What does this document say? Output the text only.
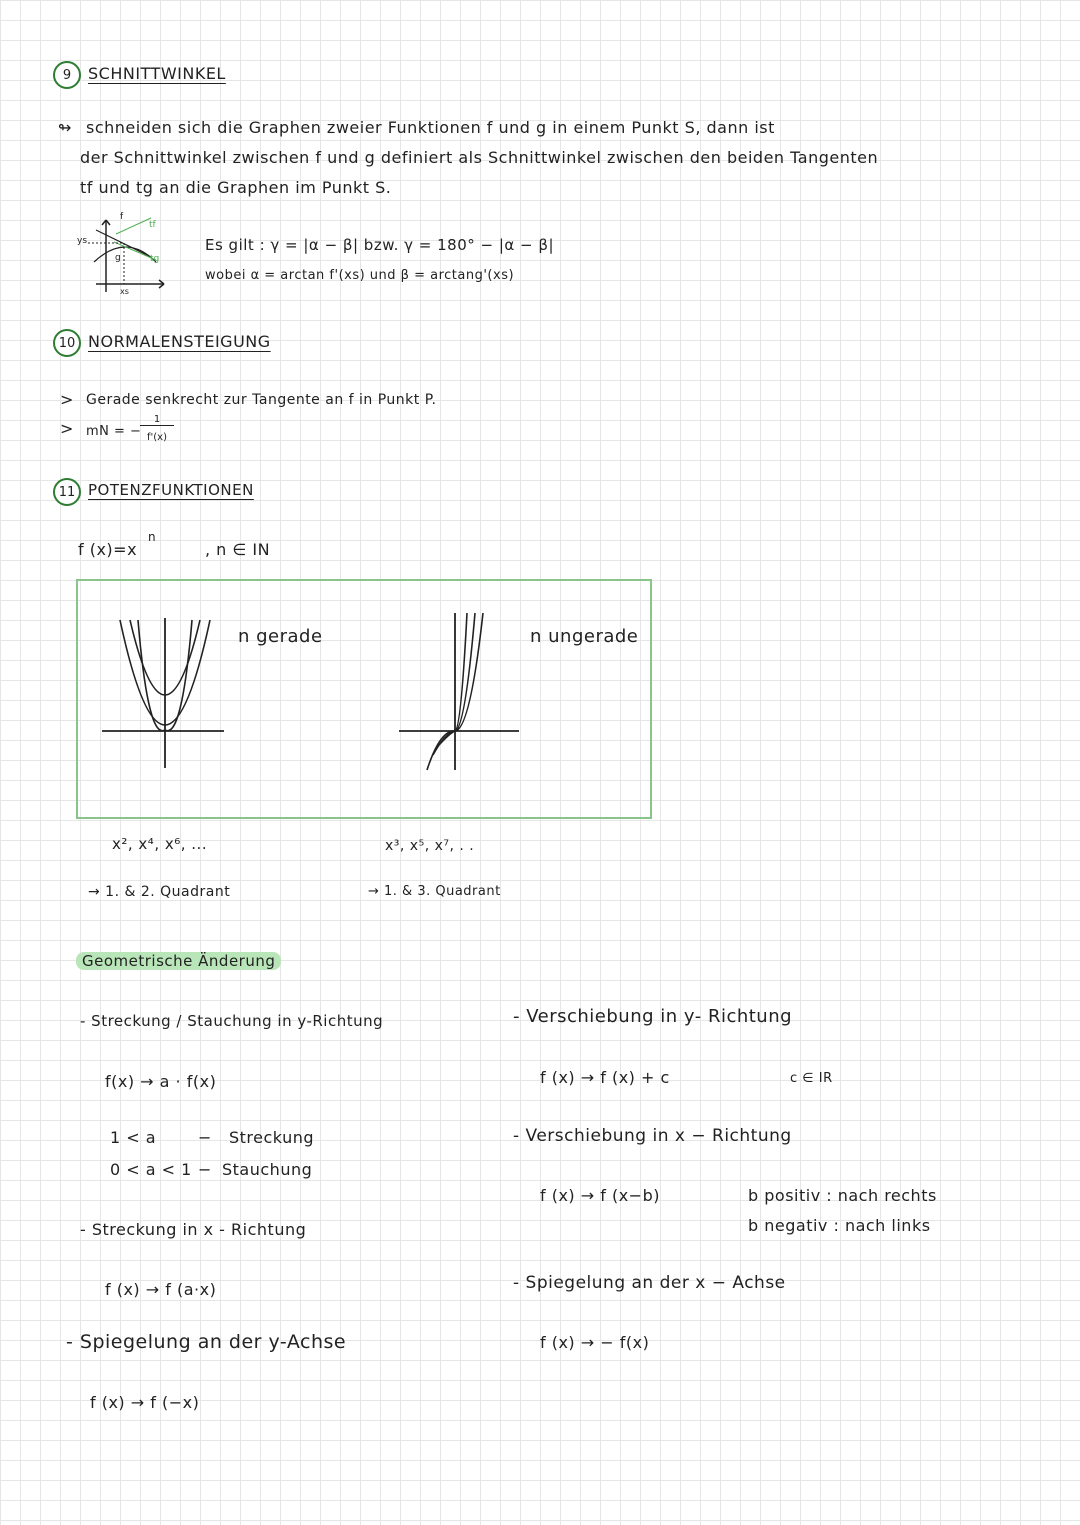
9 SCHNITTWINKEL
↬ schneiden sich die Graphen zweier Funktionen f und g in einem Punkt S, dann ist
der Schnittwinkel zwischen f und g definiert als Schnittwinkel zwischen den beiden Tangenten
tf und tg an die Graphen im Punkt S.
f
tf
g	tg
ys
xs
Es gilt : γ = |α − β| bzw. γ = 180° − |α − β|
wobei α = arctan f'(xs) und β = arctang'(xs)
10 NORMALENSTEIGUNG
> Gerade senkrecht zur Tangente an f in Punkt P.
> mN = −
1
f'(x)
11 POTENZFUNKTIONEN
f (x)=x
n
, n ∈ IN
n gerade	n ungerade
x², x⁴, x⁶, ...	x³, x⁵, x⁷, . .
→ 1. & 2. Quadrant	→ 1. & 3. Quadrant
Geometrische Änderung
- Streckung / Stauchung in y-Richtung
f(x) → a · f(x)
1 < a	− Streckung
0 < a < 1 − Stauchung
- Streckung in x - Richtung
f (x) → f (a·x)
- Spiegelung an der y-Achse
f (x) → f (−x)
- Verschiebung in y- Richtung
f (x) → f (x) + c	c ∈ IR
- Verschiebung in x − Richtung
f (x) → f (x−b)	b positiv : nach rechts
b negativ : nach links
- Spiegelung an der x − Achse
f (x) → − f(x)
